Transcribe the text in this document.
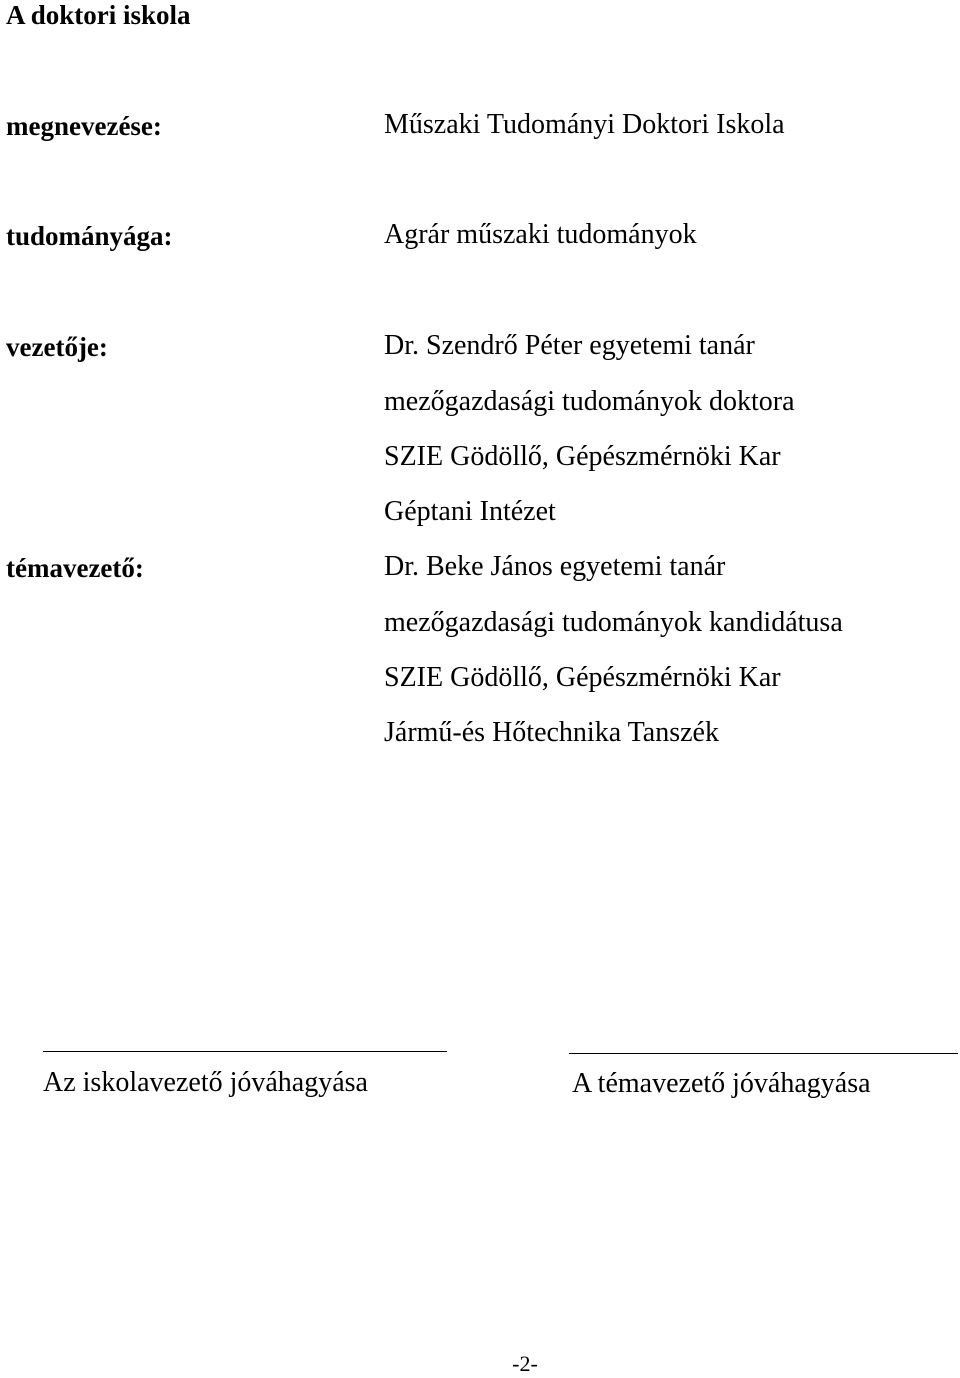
A doktori iskola
megnevezése:	Műszaki Tudományi Doktori Iskola
tudományága:	Agrár műszaki tudományok
vezetője:	Dr. Szendrő Péter egyetemi tanár
mezőgazdasági tudományok doktora
SZIE Gödöllő, Gépészmérnöki Kar
Géptani Intézet
témavezető:	Dr. Beke János egyetemi tanár
mezőgazdasági tudományok kandidátusa
SZIE Gödöllő, Gépészmérnöki Kar
Jármű-és Hőtechnika Tanszék
Az iskolavezető jóváhagyása	A témavezető jóváhagyása
-2-
